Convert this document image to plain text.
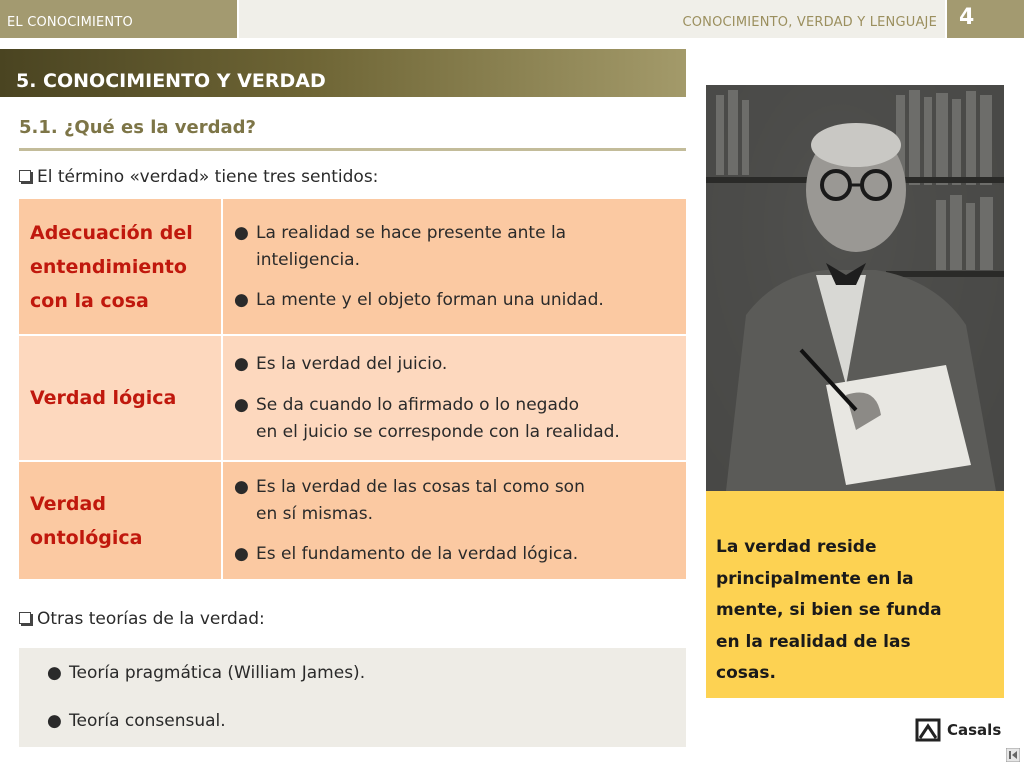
EL CONOCIMIENTO	CONOCIMIENTO, VERDAD Y LENGUAJE	4
5. CONOCIMIENTO Y VERDAD
5.1. ¿Qué es la verdad?
El término «verdad» tiene tres sentidos:
Adecuación del
entendimiento
con la cosa
● La realidad se hace presente ante la
inteligencia.
● La mente y el objeto forman una unidad.
Verdad lógica
● Es la verdad del juicio.
● Se da cuando lo afirmado o lo negado
en el juicio se corresponde con la realidad.
Verdad
ontológica
● Es la verdad de las cosas tal como son
en sí mismas.
● Es el fundamento de la verdad lógica.
Otras teorías de la verdad:
● Teoría pragmática (William James).
● Teoría consensual.
La verdad reside
principalmente en la
mente, si bien se funda
en la realidad de las
cosas.
Casals
